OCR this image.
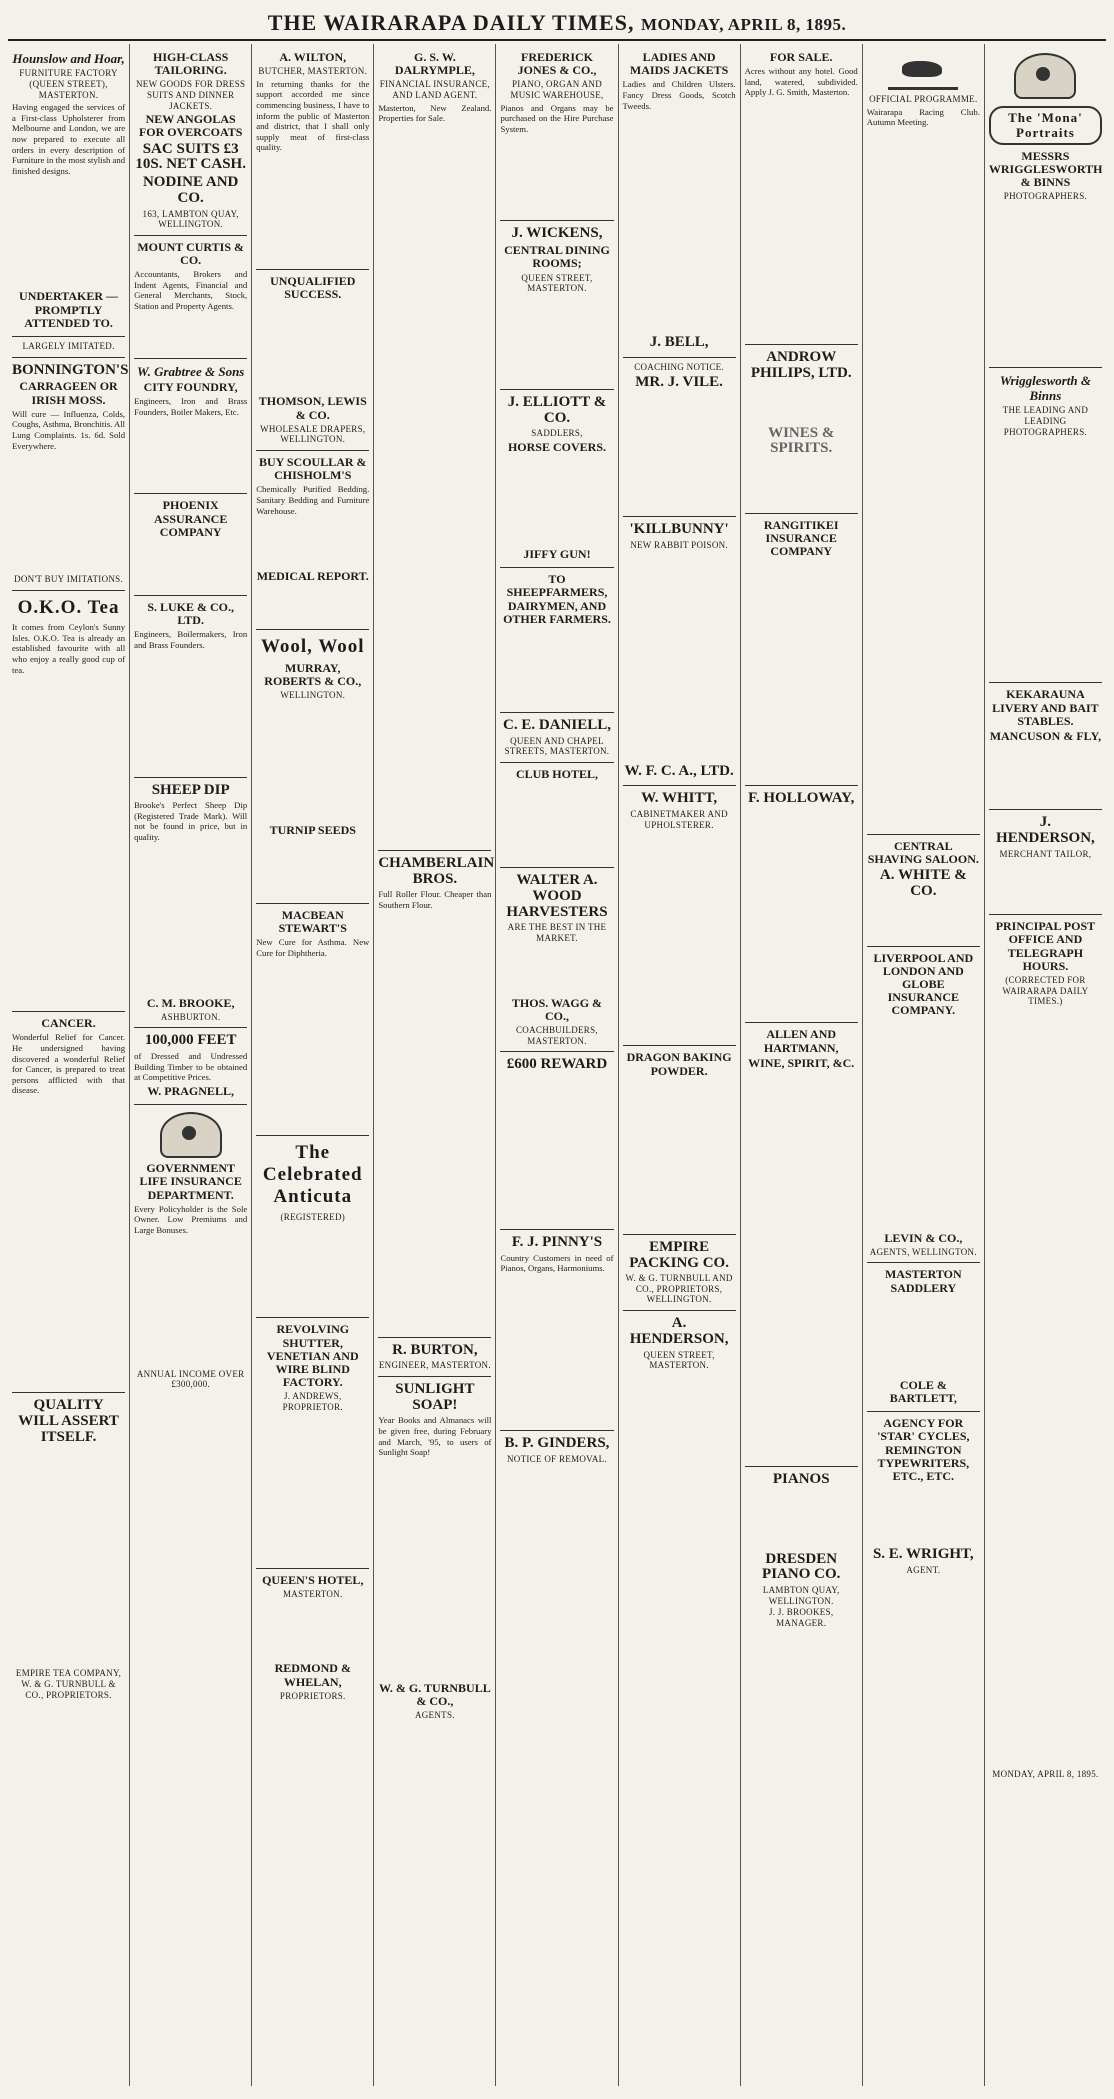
THE WAIRARAPA DAILY TIMES, MONDAY, APRIL 8, 1895.
Hounslow and Hoar,
FURNITURE FACTORY (QUEEN STREET), MASTERTON.
Having engaged the services of a First-class Upholsterer from Melbourne and London, we are now prepared to execute all orders in every description of Furniture in the most stylish and finished designs.
UNDERTAKER — PROMPTLY ATTENDED TO.
LARGELY IMITATED.
BONNINGTON'S
CARRAGEEN OR IRISH MOSS.
Will cure — Influenza, Colds, Coughs, Asthma, Bronchitis. All Lung Complaints. 1s. 6d. Sold Everywhere.
DON'T BUY IMITATIONS.
O.K.O. Tea
It comes from Ceylon's Sunny Isles. O.K.O. Tea is already an established favourite with all who enjoy a really good cup of tea.
CANCER.
Wonderful Relief for Cancer. He undersigned having discovered a wonderful Relief for Cancer, is prepared to treat persons afflicted with that disease.
QUALITY WILL ASSERT ITSELF.
EMPIRE TEA COMPANY, W. & G. TURNBULL & CO., PROPRIETORS.
HIGH-CLASS TAILORING.
NEW GOODS FOR DRESS SUITS AND DINNER JACKETS.
NEW ANGOLAS FOR OVERCOATS
SAC SUITS £3 10S. NET CASH.
NODINE AND CO.
163, LAMBTON QUAY, WELLINGTON.
MOUNT CURTIS & CO.
Accountants, Brokers and Indent Agents, Financial and General Merchants, Stock, Station and Property Agents.
W. Grabtree & Sons
CITY FOUNDRY,
Engineers, Iron and Brass Founders, Boiler Makers, Etc.
PHOENIX ASSURANCE COMPANY
S. LUKE & CO., LTD.
Engineers, Boilermakers, Iron and Brass Founders.
SHEEP DIP
Brooke's Perfect Sheep Dip (Registered Trade Mark). Will not be found in price, but in quality.
C. M. BROOKE,
ASHBURTON.
100,000 FEET
of Dressed and Undressed Building Timber to be obtained at Competitive Prices.
W. PRAGNELL,
GOVERNMENT LIFE INSURANCE DEPARTMENT.
Every Policyholder is the Sole Owner. Low Premiums and Large Bonuses.
ANNUAL INCOME OVER £300,000.
A. WILTON,
BUTCHER, MASTERTON.
In returning thanks for the support accorded me since commencing business, I have to inform the public of Masterton and district, that I shall only supply meat of first-class quality.
UNQUALIFIED SUCCESS.
THOMSON, LEWIS & CO.
WHOLESALE DRAPERS, WELLINGTON.
BUY SCOULLAR & CHISHOLM'S
Chemically Purified Bedding. Sanitary Bedding and Furniture Warehouse.
MEDICAL REPORT.
Wool, Wool
MURRAY, ROBERTS & CO.,
WELLINGTON.
TURNIP SEEDS
MACBEAN STEWART'S
New Cure for Asthma. New Cure for Diphtheria.
The Celebrated Anticuta
(REGISTERED)
REVOLVING SHUTTER, VENETIAN AND WIRE BLIND FACTORY.
J. ANDREWS, PROPRIETOR.
QUEEN'S HOTEL,
MASTERTON.
REDMOND & WHELAN,
PROPRIETORS.
G. S. W. DALRYMPLE,
FINANCIAL INSURANCE, AND LAND AGENT.
Masterton, New Zealand. Properties for Sale.
CHAMBERLAIN BROS.
Full Roller Flour. Cheaper than Southern Flour.
R. BURTON,
ENGINEER, MASTERTON.
SUNLIGHT SOAP!
Year Books and Almanacs will be given free, during February and March, '95, to users of Sunlight Soap!
W. & G. TURNBULL & CO.,
AGENTS.
FREDERICK JONES & CO.,
PIANO, ORGAN AND MUSIC WAREHOUSE,
Pianos and Organs may be purchased on the Hire Purchase System.
J. WICKENS,
CENTRAL DINING ROOMS;
QUEEN STREET, MASTERTON.
J. ELLIOTT & CO.
SADDLERS,
HORSE COVERS.
JIFFY GUN!
TO SHEEPFARMERS, DAIRYMEN, AND OTHER FARMERS.
C. E. DANIELL,
QUEEN AND CHAPEL STREETS, MASTERTON.
CLUB HOTEL,
WALTER A. WOOD HARVESTERS
ARE THE BEST IN THE MARKET.
THOS. WAGG & CO.,
COACHBUILDERS, MASTERTON.
£600 REWARD
F. J. PINNY'S
Country Customers in need of Pianos, Organs, Harmoniums.
B. P. GINDERS,
NOTICE OF REMOVAL.
LADIES AND MAIDS JACKETS
Ladies and Children Ulsters. Fancy Dress Goods, Scotch Tweeds.
J. BELL,
COACHING NOTICE.
MR. J. VILE.
'KILLBUNNY'
NEW RABBIT POISON.
W. F. C. A., LTD.
W. WHITT,
CABINETMAKER AND UPHOLSTERER.
DRAGON BAKING POWDER.
EMPIRE PACKING CO.
W. & G. TURNBULL AND CO., PROPRIETORS, WELLINGTON.
A. HENDERSON,
QUEEN STREET, MASTERTON.
FOR SALE.
Acres without any hotel. Good land, watered, subdivided. Apply J. G. Smith, Masterton.
ANDROW PHILIPS, LTD.
WINES & SPIRITS.
RANGITIKEI INSURANCE COMPANY
F. HOLLOWAY,
ALLEN AND HARTMANN,
WINE, SPIRIT, &C.
PIANOS
DRESDEN PIANO CO.
LAMBTON QUAY, WELLINGTON.
J. J. BROOKES, MANAGER.
OFFICIAL PROGRAMME.
Wairarapa Racing Club. Autumn Meeting.
CENTRAL SHAVING SALOON.
A. WHITE & CO.
LIVERPOOL AND LONDON AND GLOBE INSURANCE COMPANY.
LEVIN & CO.,
AGENTS, WELLINGTON.
MASTERTON SADDLERY
COLE & BARTLETT,
AGENCY FOR 'STAR' CYCLES, REMINGTON TYPEWRITERS, ETC., ETC.
S. E. WRIGHT,
AGENT.
The 'Mona' Portraits
MESSRS WRIGGLESWORTH & BINNS
PHOTOGRAPHERS.
Wrigglesworth & Binns
THE LEADING AND LEADING PHOTOGRAPHERS.
KEKARAUNA LIVERY AND BAIT STABLES.
MANCUSON & FLY,
J. HENDERSON,
MERCHANT TAILOR,
PRINCIPAL POST OFFICE AND TELEGRAPH HOURS.
(CORRECTED FOR WAIRARAPA DAILY TIMES.)
MONDAY, APRIL 8, 1895.
